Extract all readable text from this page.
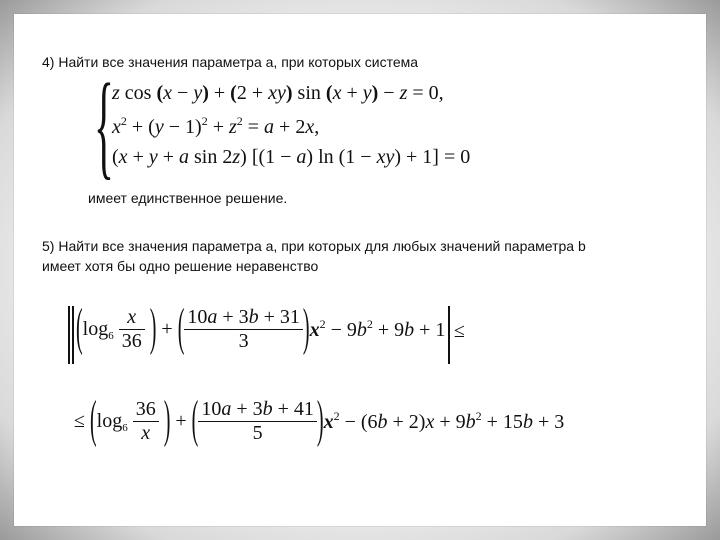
4) Найти все значения параметра а, при которых система
{
z cos (x − y) + (2 + xy) sin (x + y) − z = 0,
$x^2 + (y - 1)^2 + z^2 = a + 2x$,
(x + y + a sin 2z) [(1 − a) ln (1 − xy) + 1] = 0
имеет единственное решение.
5) Найти все значения параметра а, при которых для любых значений параметра b
имеет хотя бы одно решение неравенство
($\log_6 \frac{x}{36}$ ) + ( $\frac{10a + 3b + 31}{3} )x^2 - 9b^2 + 9b + 1$ ≤
≤ ($\log_6 \frac{36}{x}$ ) + ( $\frac{10a + 3b + 41}{5} )x^2 - (6b + 2)x + 9b^2 + 15b + 3$
